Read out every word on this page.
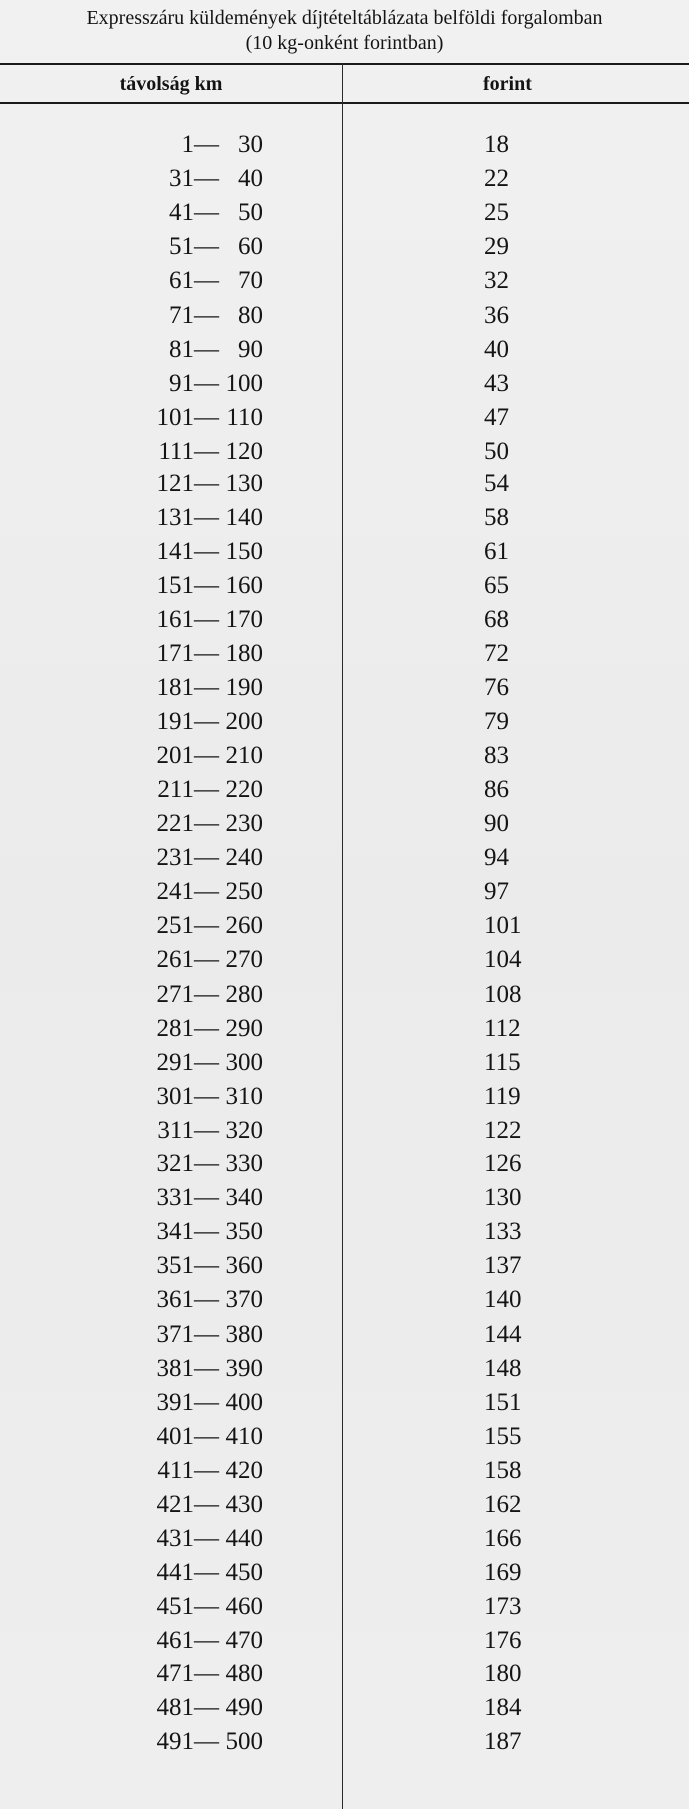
Expresszáru küldemények díjtételtáblázata belföldi forgalomban
(10 kg-onként forintban)
távolság km	forint
1— 30	18
31— 40	22
41— 50	25
51— 60	29
61— 70	32
71— 80	36
81— 90	40
91— 100	43
101— 110	47
111— 120	50
121— 130	54
131— 140	58
141— 150	61
151— 160	65
161— 170	68
171— 180	72
181— 190	76
191— 200	79
201— 210	83
211— 220	86
221— 230	90
231— 240	94
241— 250	97
251— 260	101
261— 270	104
271— 280	108
281— 290	112
291— 300	115
301— 310	119
311— 320	122
321— 330	126
331— 340	130
341— 350	133
351— 360	137
361— 370	140
371— 380	144
381— 390	148
391— 400	151
401— 410	155
411— 420	158
421— 430	162
431— 440	166
441— 450	169
451— 460	173
461— 470	176
471— 480	180
481— 490	184
491— 500	187
